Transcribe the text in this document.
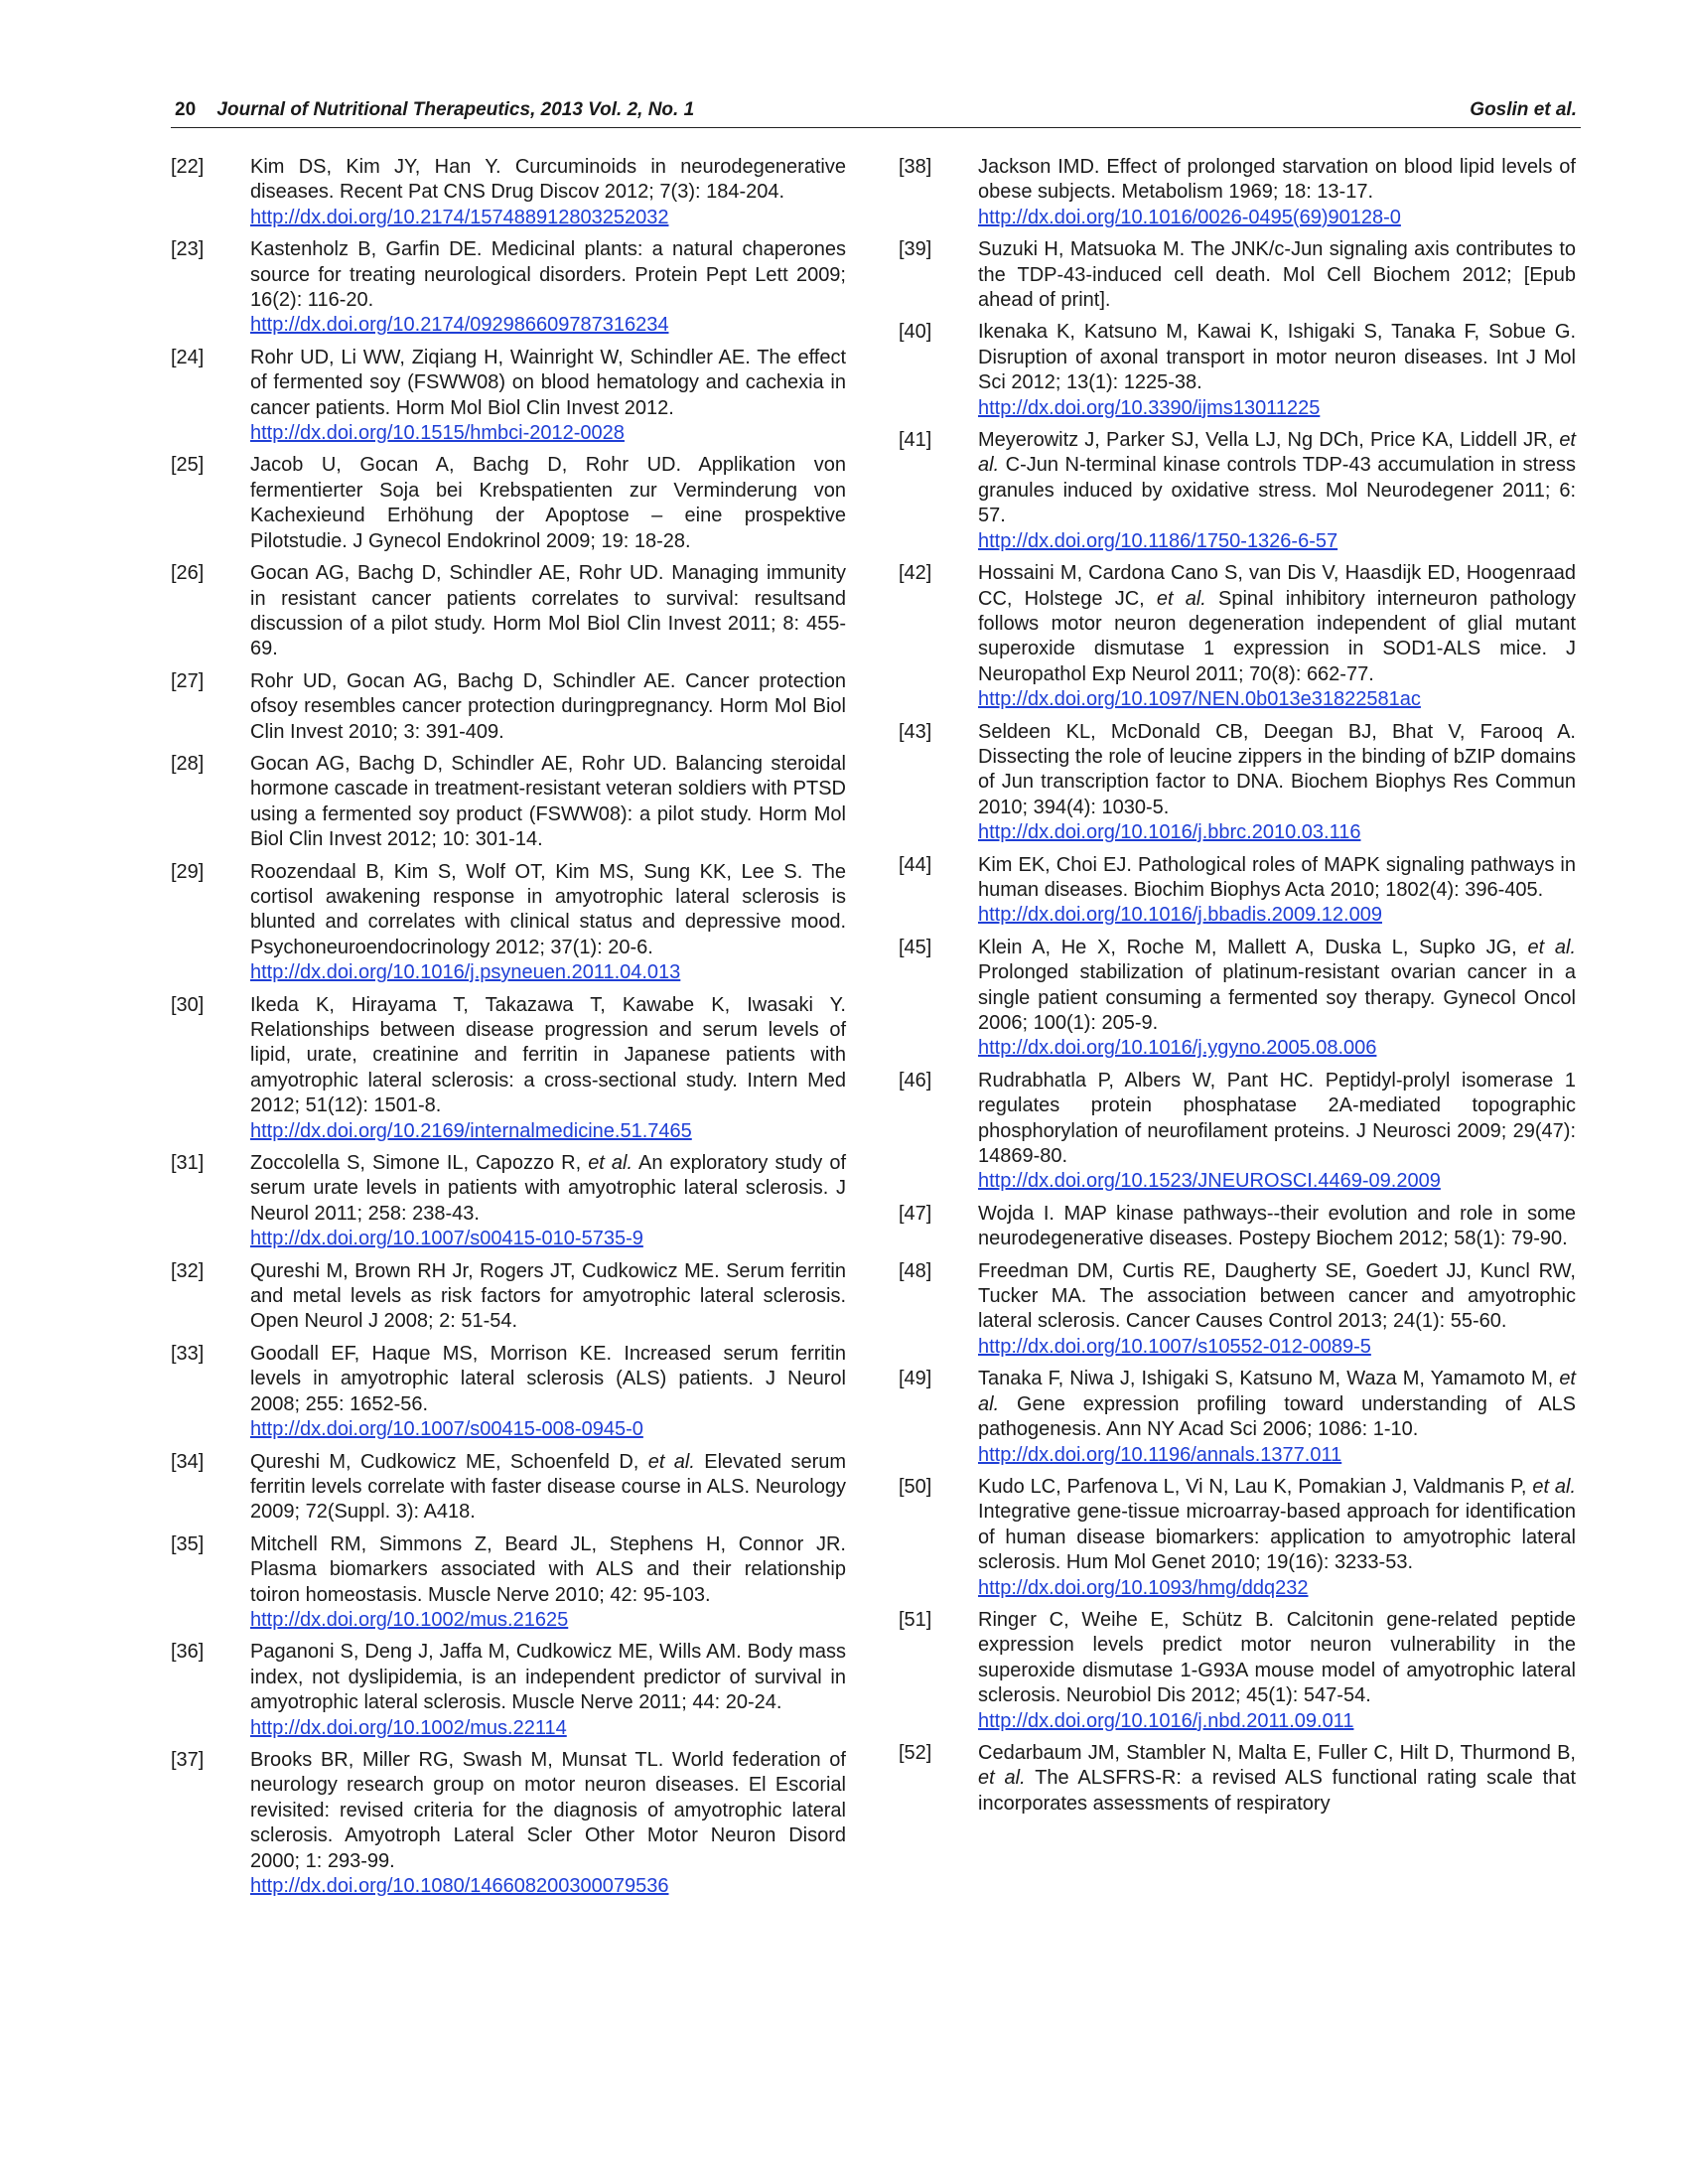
20 Journal of Nutritional Therapeutics, 2013 Vol. 2, No. 1	Goslin et al.
[22]	Kim DS, Kim JY, Han Y. Curcuminoids in neurodegenerative diseases. Recent Pat CNS Drug Discov 2012; 7(3): 184-204.
http://dx.doi.org/10.2174/157488912803252032
[23]	Kastenholz B, Garfin DE. Medicinal plants: a natural chaperones source for treating neurological disorders. Protein Pept Lett 2009; 16(2): 116-20.
http://dx.doi.org/10.2174/092986609787316234
[24]	Rohr UD, Li WW, Ziqiang H, Wainright W, Schindler AE. The effect of fermented soy (FSWW08) on blood hematology and cachexia in cancer patients. Horm Mol Biol Clin Invest 2012.
http://dx.doi.org/10.1515/hmbci-2012-0028
[25]	Jacob U, Gocan A, Bachg D, Rohr UD. Applikation von fermentierter Soja bei Krebspatienten zur Verminderung von Kachexieund Erhöhung der Apoptose – eine prospektive Pilotstudie. J Gynecol Endokrinol 2009; 19: 18-28.
[26]	Gocan AG, Bachg D, Schindler AE, Rohr UD. Managing immunity in resistant cancer patients correlates to survival: resultsand discussion of a pilot study. Horm Mol Biol Clin Invest 2011; 8: 455-69.
[27]	Rohr UD, Gocan AG, Bachg D, Schindler AE. Cancer protection ofsoy resembles cancer protection duringpregnancy. Horm Mol Biol Clin Invest 2010; 3: 391-409.
[28]	Gocan AG, Bachg D, Schindler AE, Rohr UD. Balancing steroidal hormone cascade in treatment-resistant veteran soldiers with PTSD using a fermented soy product (FSWW08): a pilot study. Horm Mol Biol Clin Invest 2012; 10: 301-14.
[29]	Roozendaal B, Kim S, Wolf OT, Kim MS, Sung KK, Lee S. The cortisol awakening response in amyotrophic lateral sclerosis is blunted and correlates with clinical status and depressive mood. Psychoneuroendocrinology 2012; 37(1): 20-6.
http://dx.doi.org/10.1016/j.psyneuen.2011.04.013
[30]	Ikeda K, Hirayama T, Takazawa T, Kawabe K, Iwasaki Y. Relationships between disease progression and serum levels of lipid, urate, creatinine and ferritin in Japanese patients with amyotrophic lateral sclerosis: a cross-sectional study. Intern Med 2012; 51(12): 1501-8.
http://dx.doi.org/10.2169/internalmedicine.51.7465
[31]	Zoccolella S, Simone IL, Capozzo R, et al. An exploratory study of serum urate levels in patients with amyotrophic lateral sclerosis. J Neurol 2011; 258: 238-43.
http://dx.doi.org/10.1007/s00415-010-5735-9
[32]	Qureshi M, Brown RH Jr, Rogers JT, Cudkowicz ME. Serum ferritin and metal levels as risk factors for amyotrophic lateral sclerosis. Open Neurol J 2008; 2: 51-54.
[33]	Goodall EF, Haque MS, Morrison KE. Increased serum ferritin levels in amyotrophic lateral sclerosis (ALS) patients. J Neurol 2008; 255: 1652-56.
http://dx.doi.org/10.1007/s00415-008-0945-0
[34]	Qureshi M, Cudkowicz ME, Schoenfeld D, et al. Elevated serum ferritin levels correlate with faster disease course in ALS. Neurology 2009; 72(Suppl. 3): A418.
[35]	Mitchell RM, Simmons Z, Beard JL, Stephens H, Connor JR. Plasma biomarkers associated with ALS and their relationship toiron homeostasis. Muscle Nerve 2010; 42: 95-103.
http://dx.doi.org/10.1002/mus.21625
[36]	Paganoni S, Deng J, Jaffa M, Cudkowicz ME, Wills AM. Body mass index, not dyslipidemia, is an independent predictor of survival in amyotrophic lateral sclerosis. Muscle Nerve 2011; 44: 20-24.
http://dx.doi.org/10.1002/mus.22114
[37]	Brooks BR, Miller RG, Swash M, Munsat TL. World federation of neurology research group on motor neuron diseases. El Escorial revisited: revised criteria for the diagnosis of amyotrophic lateral sclerosis. Amyotroph Lateral Scler Other Motor Neuron Disord 2000; 1: 293-99.
http://dx.doi.org/10.1080/146608200300079536
[38]	Jackson IMD. Effect of prolonged starvation on blood lipid levels of obese subjects. Metabolism 1969; 18: 13-17.
http://dx.doi.org/10.1016/0026-0495(69)90128-0
[39]	Suzuki H, Matsuoka M. The JNK/c-Jun signaling axis contributes to the TDP-43-induced cell death. Mol Cell Biochem 2012; [Epub ahead of print].
[40]	Ikenaka K, Katsuno M, Kawai K, Ishigaki S, Tanaka F, Sobue G. Disruption of axonal transport in motor neuron diseases. Int J Mol Sci 2012; 13(1): 1225-38.
http://dx.doi.org/10.3390/ijms13011225
[41]	Meyerowitz J, Parker SJ, Vella LJ, Ng DCh, Price KA, Liddell JR, et al. C-Jun N-terminal kinase controls TDP-43 accumulation in stress granules induced by oxidative stress. Mol Neurodegener 2011; 6: 57.
http://dx.doi.org/10.1186/1750-1326-6-57
[42]	Hossaini M, Cardona Cano S, van Dis V, Haasdijk ED, Hoogenraad CC, Holstege JC, et al. Spinal inhibitory interneuron pathology follows motor neuron degeneration independent of glial mutant superoxide dismutase 1 expression in SOD1-ALS mice. J Neuropathol Exp Neurol 2011; 70(8): 662-77.
http://dx.doi.org/10.1097/NEN.0b013e31822581ac
[43]	Seldeen KL, McDonald CB, Deegan BJ, Bhat V, Farooq A. Dissecting the role of leucine zippers in the binding of bZIP domains of Jun transcription factor to DNA. Biochem Biophys Res Commun 2010; 394(4): 1030-5.
http://dx.doi.org/10.1016/j.bbrc.2010.03.116
[44]	Kim EK, Choi EJ. Pathological roles of MAPK signaling pathways in human diseases. Biochim Biophys Acta 2010; 1802(4): 396-405.
http://dx.doi.org/10.1016/j.bbadis.2009.12.009
[45]	Klein A, He X, Roche M, Mallett A, Duska L, Supko JG, et al. Prolonged stabilization of platinum-resistant ovarian cancer in a single patient consuming a fermented soy therapy. Gynecol Oncol 2006; 100(1): 205-9.
http://dx.doi.org/10.1016/j.ygyno.2005.08.006
[46]	Rudrabhatla P, Albers W, Pant HC. Peptidyl-prolyl isomerase 1 regulates protein phosphatase 2A-mediated topographic phosphorylation of neurofilament proteins. J Neurosci 2009; 29(47): 14869-80.
http://dx.doi.org/10.1523/JNEUROSCI.4469-09.2009
[47]	Wojda I. MAP kinase pathways--their evolution and role in some neurodegenerative diseases. Postepy Biochem 2012; 58(1): 79-90.
[48]	Freedman DM, Curtis RE, Daugherty SE, Goedert JJ, Kuncl RW, Tucker MA. The association between cancer and amyotrophic lateral sclerosis. Cancer Causes Control 2013; 24(1): 55-60.
http://dx.doi.org/10.1007/s10552-012-0089-5
[49]	Tanaka F, Niwa J, Ishigaki S, Katsuno M, Waza M, Yamamoto M, et al. Gene expression profiling toward understanding of ALS pathogenesis. Ann NY Acad Sci 2006; 1086: 1-10.
http://dx.doi.org/10.1196/annals.1377.011
[50]	Kudo LC, Parfenova L, Vi N, Lau K, Pomakian J, Valdmanis P, et al. Integrative gene-tissue microarray-based approach for identification of human disease biomarkers: application to amyotrophic lateral sclerosis. Hum Mol Genet 2010; 19(16): 3233-53.
http://dx.doi.org/10.1093/hmg/ddq232
[51]	Ringer C, Weihe E, Schütz B. Calcitonin gene-related peptide expression levels predict motor neuron vulnerability in the superoxide dismutase 1-G93A mouse model of amyotrophic lateral sclerosis. Neurobiol Dis 2012; 45(1): 547-54.
http://dx.doi.org/10.1016/j.nbd.2011.09.011
[52]	Cedarbaum JM, Stambler N, Malta E, Fuller C, Hilt D, Thurmond B, et al. The ALSFRS-R: a revised ALS functional rating scale that incorporates assessments of respiratory
